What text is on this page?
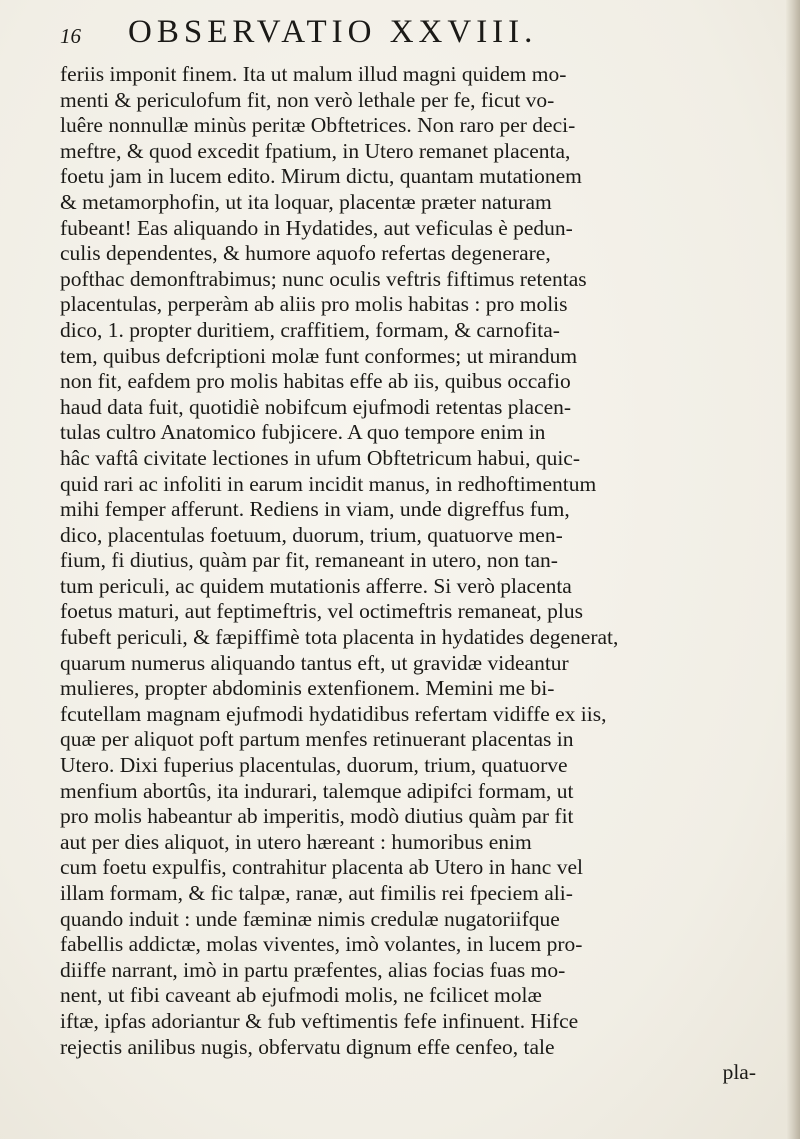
16 OBSERVATIO XXVIII.
feriis imponit finem. Ita ut malum illud magni quidem mo-
menti & periculofum fit, non verò lethale per fe, ficut vo-
luêre nonnullæ minùs peritæ Obftetrices. Non raro per deci-
meftre, & quod excedit fpatium, in Utero remanet placenta,
foetu jam in lucem edito. Mirum dictu, quantam mutationem
& metamorphofin, ut ita loquar, placentæ præter naturam
fubeant! Eas aliquando in Hydatides, aut veficulas è pedun-
culis dependentes, & humore aquofo refertas degenerare,
pofthac demonftrabimus; nunc oculis veftris fiftimus retentas
placentulas, perperàm ab aliis pro molis habitas : pro molis
dico, 1. propter duritiem, craffitiem, formam, & carnofita-
tem, quibus defcriptioni molæ funt conformes; ut mirandum
non fit, eafdem pro molis habitas effe ab iis, quibus occafio
haud data fuit, quotidiè nobifcum ejufmodi retentas placen-
tulas cultro Anatomico fubjicere. A quo tempore enim in
hâc vaftâ civitate lectiones in ufum Obftetricum habui, quic-
quid rari ac infoliti in earum incidit manus, in redhoftimentum
mihi femper afferunt. Rediens in viam, unde digreffus fum,
dico, placentulas foetuum, duorum, trium, quatuorve men-
fium, fi diutius, quàm par fit, remaneant in utero, non tan-
tum periculi, ac quidem mutationis afferre. Si verò placenta
foetus maturi, aut feptimeftris, vel octimeftris remaneat, plus
fubeft periculi, & fæpiffimè tota placenta in hydatides degenerat,
quarum numerus aliquando tantus eft, ut gravidæ videantur
mulieres, propter abdominis extenfionem. Memini me bi-
fcutellam magnam ejufmodi hydatidibus refertam vidiffe ex iis,
quæ per aliquot poft partum menfes retinuerant placentas in
Utero. Dixi fuperius placentulas, duorum, trium, quatuorve
menfium abortûs, ita indurari, talemque adipifci formam, ut
pro molis habeantur ab imperitis, modò diutius quàm par fit
aut per dies aliquot, in utero hæreant : humoribus enim
cum foetu expulfis, contrahitur placenta ab Utero in hanc vel
illam formam, & fic talpæ, ranæ, aut fimilis rei fpeciem ali-
quando induit : unde fæminæ nimis credulæ nugatoriifque
fabellis addictæ, molas viventes, imò volantes, in lucem pro-
diiffe narrant, imò in partu præfentes, alias focias fuas mo-
nent, ut fibi caveant ab ejufmodi molis, ne fcilicet molæ
iftæ, ipfas adoriantur & fub veftimentis fefe infinuent. Hifce
rejectis anilibus nugis, obfervatu dignum effe cenfeo, tale
pla-
